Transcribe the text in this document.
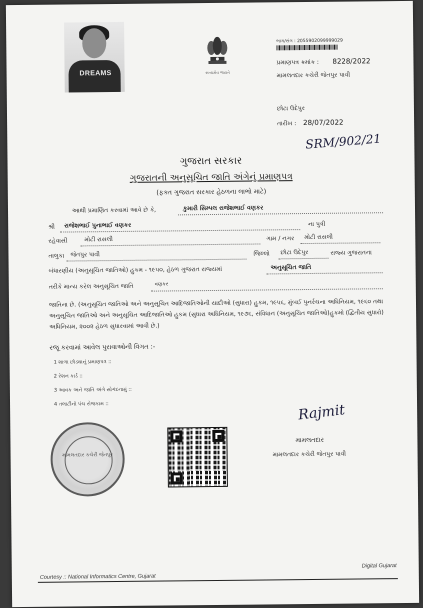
DREAMS	સત્યમેવ જયતે
ભાગ/સંગ : 2055902099999029
પ્રમાણપત્ર ક્રમાંક : 8228/2022
મામલતદાર કચેરી જેતપુર પાવી
છોટા ઉદેપુર
તારીખ : 28/07/2022
SRM/902/21
ગુજરાત સરકાર
ગુજરાતની અનુસૂચિત જાતિ અંગેનું પ્રમાણપત્ર
(ફક્ત ગુજરાત સરકાર હેઠળના લાભો માટે)
આથી પ્રમાણિત કરવામાં આવે છે કે,	કુમારી સિમ્પલ રાજેશભાઈ વણકર
શ્રી રાજેશભાઈ પુનાભાઈ વણકર	ના પુત્રી
રહેવાસી	મોટી રાસલી	ગામ / નગર મોટી રાસલી
તાલુકા જેતપુર પાવી	જિલ્લો છોટા ઉદેપુર	રાજ્ય ગુજરાતના
બંધારણીય (અનુસૂચિત જાતિઓ) હુકમ - ૧૯૫૦, હેઠળ ગુજરાત રાજ્યમાં	અનુસૂચિત જાતિ
તરીકે માન્ય કરેલ અનુસૂચિત જાતિ	વણકર
જાતિના છે. (અનુસૂચિત જાતિઓ અને અનુસૂચિત આદિજાતિઓની યાદીઓ (સુધારા) હુકમ, ૧૯૫૬, મુંબઈ પુનર્રચના અધિનિયમ, ૧૯૬૦ તથા અનુસૂચિત જાતિઓ અને અનુસૂચિત આદિજાતિઓ હુકમ (સુધારા અધિનિયમ, ૧૯૭૬, સંવિધાન (અનુસૂચિત જાતિઓ)હુકમો (દ્વિતીય સુધારો) અધિનિયમ, ૨૦૦૨ હેઠળ સુધારવામાં આવી છે.)
રજૂ કરવામાં આવેલ પુરાવાઓની વિગત :-
1 શાળા છોડ્યાનું પ્રમાણપત્ર ::
2 રેશન કાર્ડ ::
3 આવક અને જાતિ અંગે સોગંદનામું ::
4 તલાટીનો પંચ રોજકામ ::	Rajmit
મામલતદાર
મામલતદાર કચેરી જેતપુર પાવી
મામલતદાર કચેરી જેતપુર
Courtesy :: National Informatics Centre, Gujarat
Digital Gujarat
